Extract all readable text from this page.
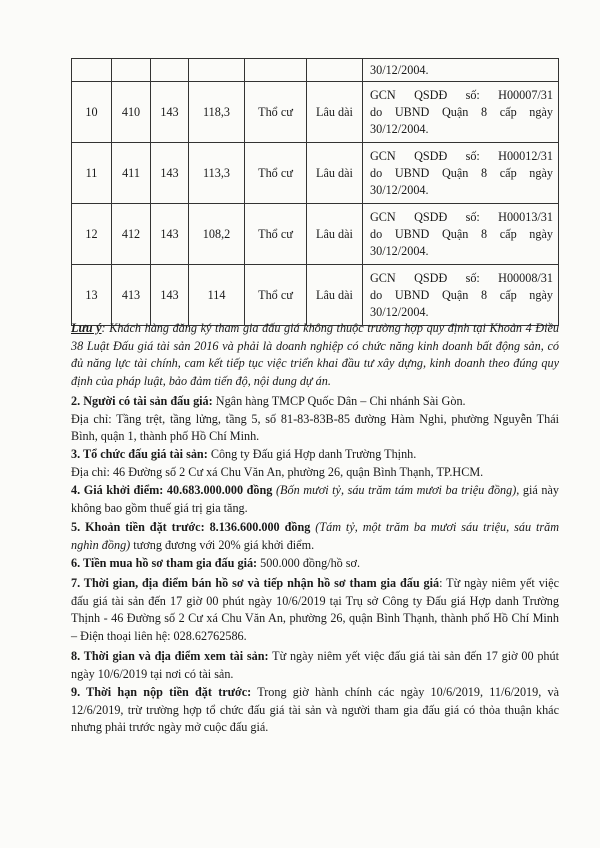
						30/12/2004.
10	410	143	118,3	Thổ cư	Lâu dài	GCN QSDĐ số: H00007/31
do UBND Quận 8 cấp ngày
30/12/2004.

11	411	143	113,3	Thổ cư	Lâu dài	GCN QSDĐ số: H00012/31
do UBND Quận 8 cấp ngày
30/12/2004.

12	412	143	108,2	Thổ cư	Lâu dài	GCN QSDĐ số: H00013/31
do UBND Quận 8 cấp ngày
30/12/2004.

13	413	143	114	Thổ cư	Lâu dài	GCN QSDĐ số: H00008/31
do UBND Quận 8 cấp ngày
30/12/2004.
Lưu ý: Khách hàng đăng ký tham gia đấu giá không thuộc trường hợp quy định tại Khoản 4 Điều 38 Luật Đấu giá tài sản 2016 và phải là doanh nghiệp có chức năng kinh doanh bất động sản, có đủ năng lực tài chính, cam kết tiếp tục việc triển khai đầu tư xây dựng, kinh doanh theo đúng quy định của pháp luật, bảo đảm tiến độ, nội dung dự án.
2. Người có tài sản đấu giá: Ngân hàng TMCP Quốc Dân – Chi nhánh Sài Gòn.
Địa chỉ: Tầng trệt, tầng lửng, tầng 5, số 81-83-83B-85 đường Hàm Nghi, phường Nguyễn Thái Bình, quận 1, thành phố Hồ Chí Minh.
3. Tổ chức đấu giá tài sản: Công ty Đấu giá Hợp danh Trường Thịnh.
Địa chỉ: 46 Đường số 2 Cư xá Chu Văn An, phường 26, quận Bình Thạnh, TP.HCM.
4. Giá khởi điểm: 40.683.000.000 đồng (Bốn mươi tỷ, sáu trăm tám mươi ba triệu đồng), giá này không bao gồm thuế giá trị gia tăng.
5. Khoản tiền đặt trước: 8.136.600.000 đồng (Tám tỷ, một trăm ba mươi sáu triệu, sáu trăm nghìn đồng) tương đương với 20% giá khởi điểm.
6. Tiền mua hồ sơ tham gia đấu giá: 500.000 đồng/hồ sơ.
7. Thời gian, địa điểm bán hồ sơ và tiếp nhận hồ sơ tham gia đấu giá: Từ ngày niêm yết việc đấu giá tài sản đến 17 giờ 00 phút ngày 10/6/2019 tại Trụ sở Công ty Đấu giá Hợp danh Trường Thịnh - 46 Đường số 2 Cư xá Chu Văn An, phường 26, quận Bình Thạnh, thành phố Hồ Chí Minh – Điện thoại liên hệ: 028.62762586.
8. Thời gian và địa điểm xem tài sản: Từ ngày niêm yết việc đấu giá tài sản đến 17 giờ 00 phút ngày 10/6/2019 tại nơi có tài sản.
9. Thời hạn nộp tiền đặt trước: Trong giờ hành chính các ngày 10/6/2019, 11/6/2019, và 12/6/2019, trừ trường hợp tổ chức đấu giá tài sản và người tham gia đấu giá có thỏa thuận khác nhưng phải trước ngày mở cuộc đấu giá.
